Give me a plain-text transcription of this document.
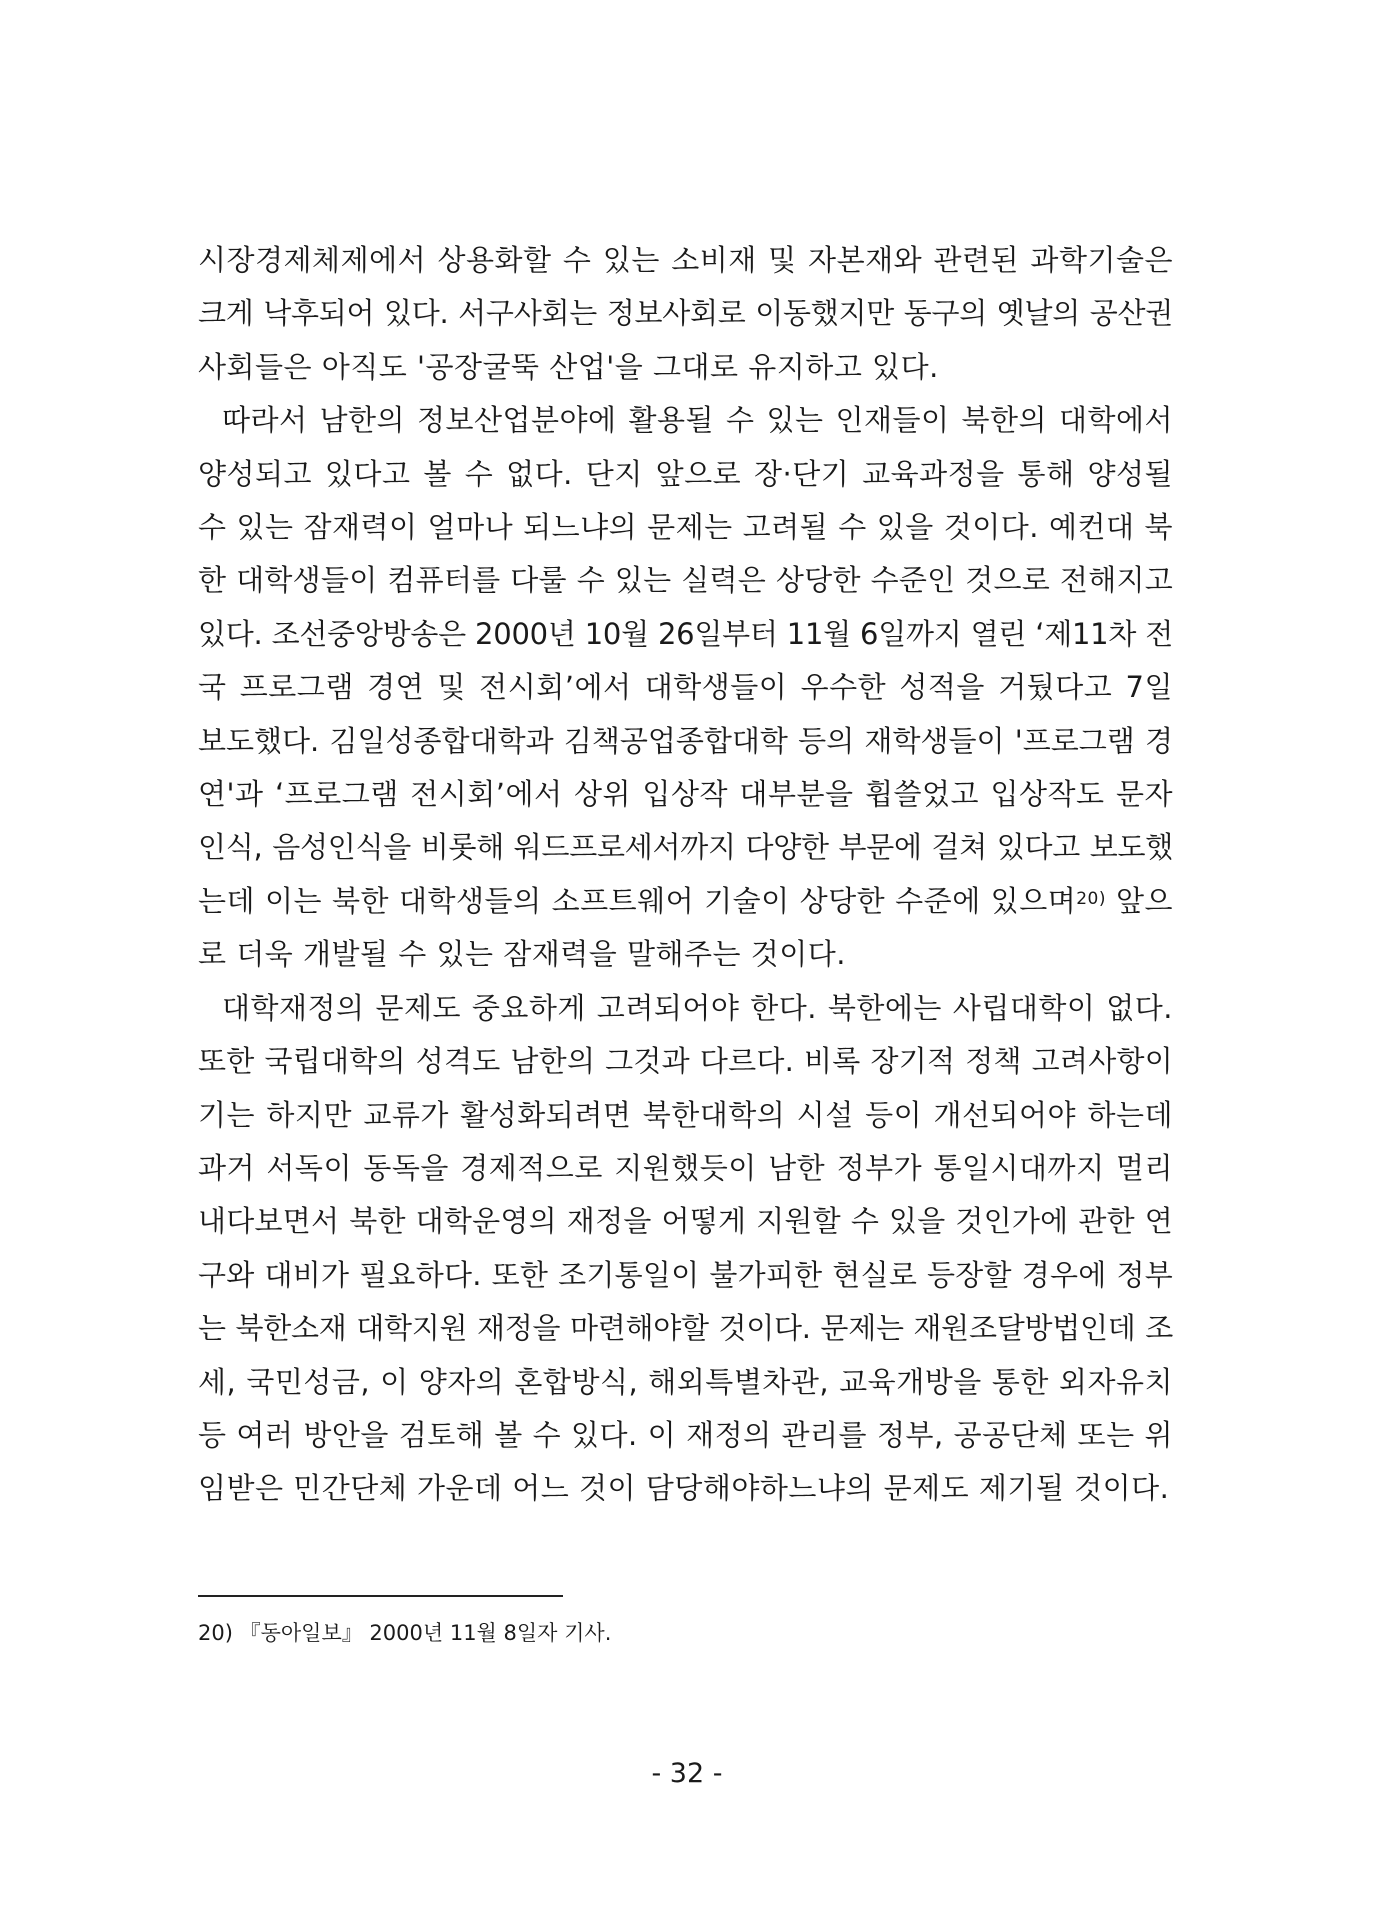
시장경제체제에서 상용화할 수 있는 소비재 및 자본재와 관련된 과학기술은
크게 낙후되어 있다. 서구사회는 정보사회로 이동했지만 동구의 옛날의 공산권
사회들은 아직도 '공장굴뚝 산업'을 그대로 유지하고 있다.
따라서 남한의 정보산업분야에 활용될 수 있는 인재들이 북한의 대학에서
양성되고 있다고 볼 수 없다. 단지 앞으로 장·단기 교육과정을 통해 양성될
수 있는 잠재력이 얼마나 되느냐의 문제는 고려될 수 있을 것이다. 예컨대 북
한 대학생들이 컴퓨터를 다룰 수 있는 실력은 상당한 수준인 것으로 전해지고
있다. 조선중앙방송은 2000년 10월 26일부터 11월 6일까지 열린 ‘제11차 전
국 프로그램 경연 및 전시회’에서 대학생들이 우수한 성적을 거뒀다고 7일
보도했다. 김일성종합대학과 김책공업종합대학 등의 재학생들이 '프로그램 경
연'과 ‘프로그램 전시회’에서 상위 입상작 대부분을 휩쓸었고 입상작도 문자
인식, 음성인식을 비롯해 워드프로세서까지 다양한 부문에 걸쳐 있다고 보도했
는데 이는 북한 대학생들의 소프트웨어 기술이 상당한 수준에 있으며$^{20)}$ 앞으
로 더욱 개발될 수 있는 잠재력을 말해주는 것이다.
대학재정의 문제도 중요하게 고려되어야 한다. 북한에는 사립대학이 없다.
또한 국립대학의 성격도 남한의 그것과 다르다. 비록 장기적 정책 고려사항이
기는 하지만 교류가 활성화되려면 북한대학의 시설 등이 개선되어야 하는데
과거 서독이 동독을 경제적으로 지원했듯이 남한 정부가 통일시대까지 멀리
내다보면서 북한 대학운영의 재정을 어떻게 지원할 수 있을 것인가에 관한 연
구와 대비가 필요하다. 또한 조기통일이 불가피한 현실로 등장할 경우에 정부
는 북한소재 대학지원 재정을 마련해야할 것이다. 문제는 재원조달방법인데 조
세, 국민성금, 이 양자의 혼합방식, 해외특별차관, 교육개방을 통한 외자유치
등 여러 방안을 검토해 볼 수 있다. 이 재정의 관리를 정부, 공공단체 또는 위
임받은 민간단체 가운데 어느 것이 담당해야하느냐의 문제도 제기될 것이다.
20) 『동아일보』 2000년 11월 8일자 기사.
- 32 -
